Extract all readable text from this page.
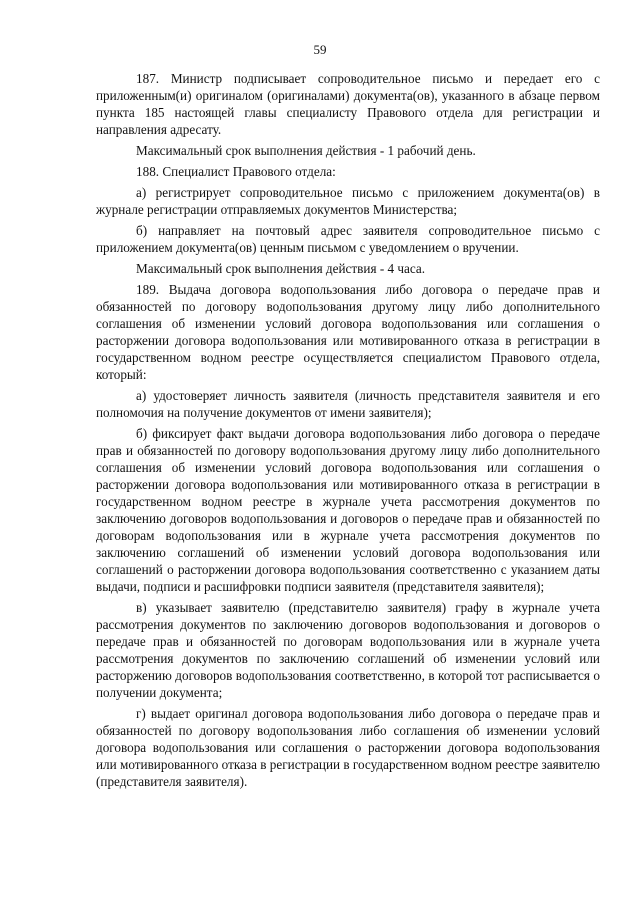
59

187. Министр подписывает сопроводительное письмо и передает его с приложенным(и) оригиналом (оригиналами) документа(ов), указанного в абзаце первом пункта 185 настоящей главы специалисту Правового отдела для регистрации и направления адресату.

Максимальный срок выполнения действия - 1 рабочий день.

188. Специалист Правового отдела:

а) регистрирует сопроводительное письмо с приложением документа(ов) в журнале регистрации отправляемых документов Министерства;

б) направляет на почтовый адрес заявителя сопроводительное письмо с приложением документа(ов) ценным письмом с уведомлением о вручении.

Максимальный срок выполнения действия - 4 часа.

189. Выдача договора водопользования либо договора о передаче прав и обязанностей по договору водопользования другому лицу либо дополнительного соглашения об изменении условий договора водопользования или соглашения о расторжении договора водопользования или мотивированного отказа в регистрации в государственном водном реестре осуществляется специалистом Правового отдела, который:

а) удостоверяет личность заявителя (личность представителя заявителя и его полномочия на получение документов от имени заявителя);

б) фиксирует факт выдачи договора водопользования либо договора о передаче прав и обязанностей по договору водопользования другому лицу либо дополнительного соглашения об изменении условий договора водопользования или соглашения о расторжении договора водопользования или мотивированного отказа в регистрации в государственном водном реестре в журнале учета рассмотрения документов по заключению договоров водопользования и договоров о передаче прав и обязанностей по договорам водопользования или в журнале учета рассмотрения документов по заключению соглашений об изменении условий договора водопользования или соглашений о расторжении договора водопользования соответственно с указанием даты выдачи, подписи и расшифровки подписи заявителя (представителя заявителя);

в) указывает заявителю (представителю заявителя) графу в журнале учета рассмотрения документов по заключению договоров водопользования и договоров о передаче прав и обязанностей по договорам водопользования или в журнале учета рассмотрения документов по заключению соглашений об изменении условий или расторжению договоров водопользования соответственно, в которой тот расписывается о получении документа;

г) выдает оригинал договора водопользования либо договора о передаче прав и обязанностей по договору водопользования либо соглашения об изменении условий договора водопользования или соглашения о расторжении договора водопользования или мотивированного отказа в регистрации в государственном водном реестре заявителю (представителя заявителя).
